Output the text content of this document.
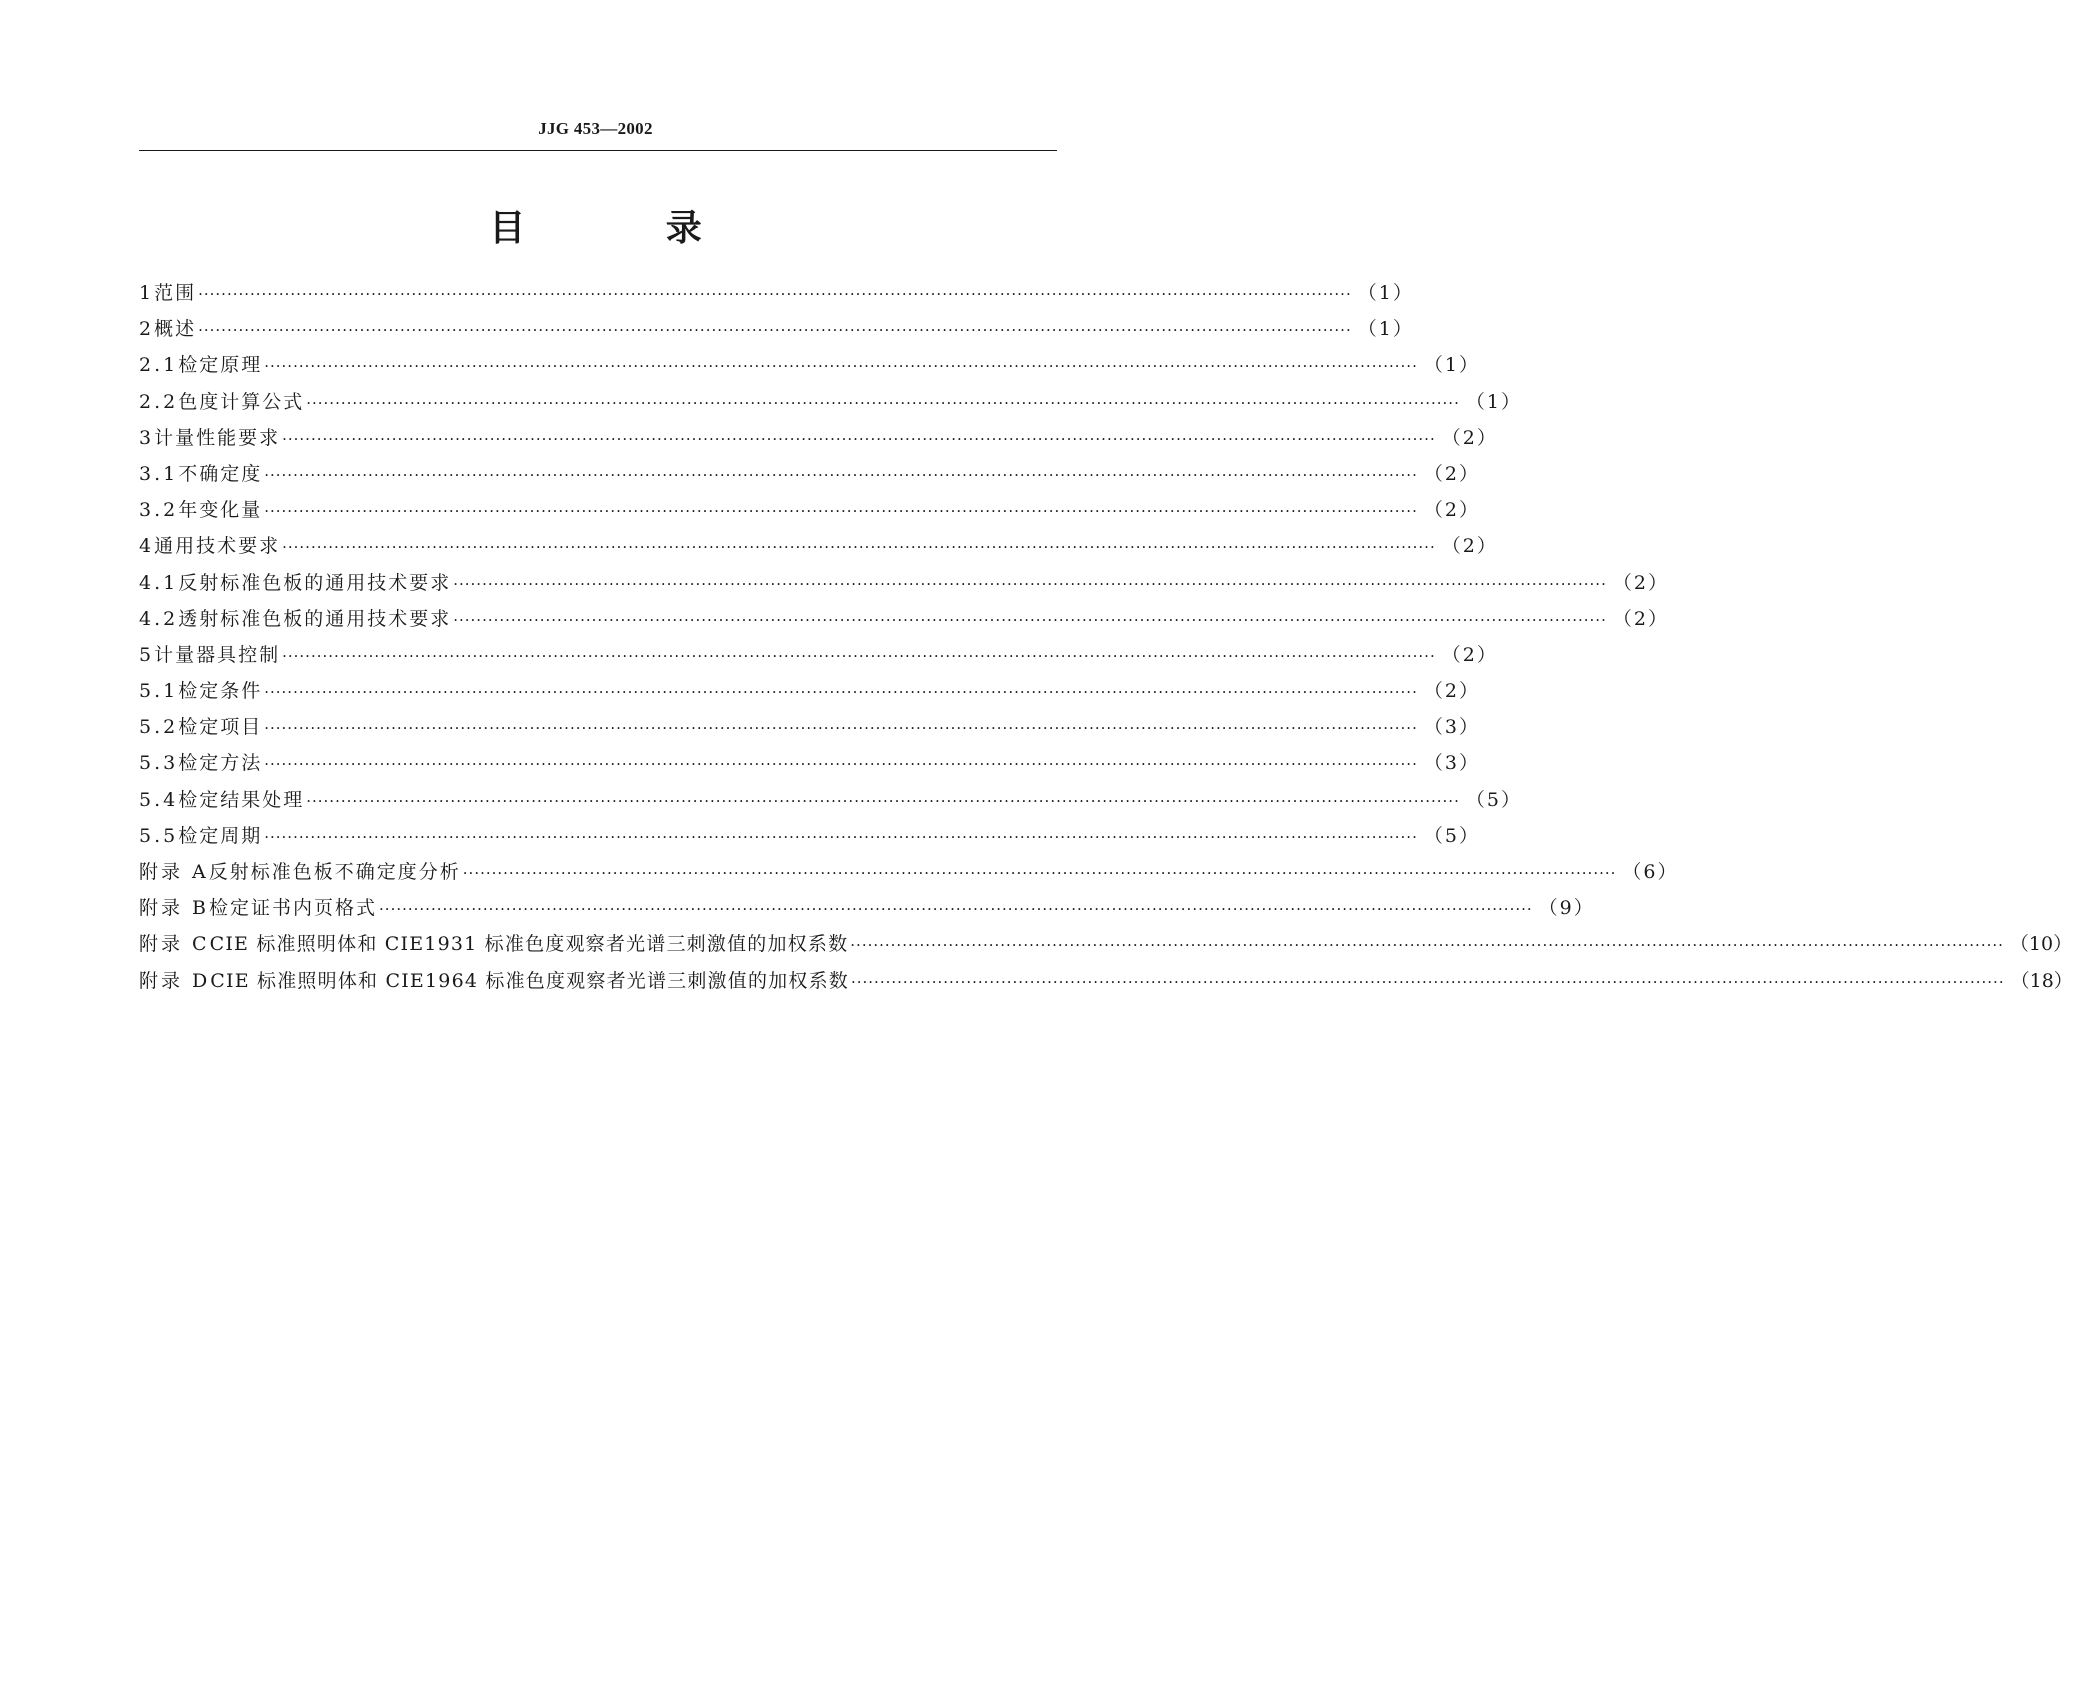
JJG 453—2002
目 录
1 范围 ········································································································································································································ （1）
2 概述 ········································································································································································································ （1）
2.1 检定原理 ········································································································································································································ （1）
2.2 色度计算公式 ········································································································································································································ （1）
3 计量性能要求 ········································································································································································································ （2）
3.1 不确定度 ········································································································································································································ （2）
3.2 年变化量 ········································································································································································································ （2）
4 通用技术要求 ········································································································································································································ （2）
4.1 反射标准色板的通用技术要求 ········································································································································································································ （2）
4.2 透射标准色板的通用技术要求 ········································································································································································································ （2）
5 计量器具控制 ········································································································································································································ （2）
5.1 检定条件 ········································································································································································································ （2）
5.2 检定项目 ········································································································································································································ （3）
5.3 检定方法 ········································································································································································································ （3）
5.4 检定结果处理 ········································································································································································································ （5）
5.5 检定周期 ········································································································································································································ （5）
附录 A 反射标准色板不确定度分析 ········································································································································································································ （6）
附录 B 检定证书内页格式 ········································································································································································································ （9）
附录 C CIE 标准照明体和 CIE1931 标准色度观察者光谱三刺激值的加权系数 ········································································································································································································ （10）
附录 D CIE 标准照明体和 CIE1964 标准色度观察者光谱三刺激值的加权系数 ········································································································································································································ （18）
